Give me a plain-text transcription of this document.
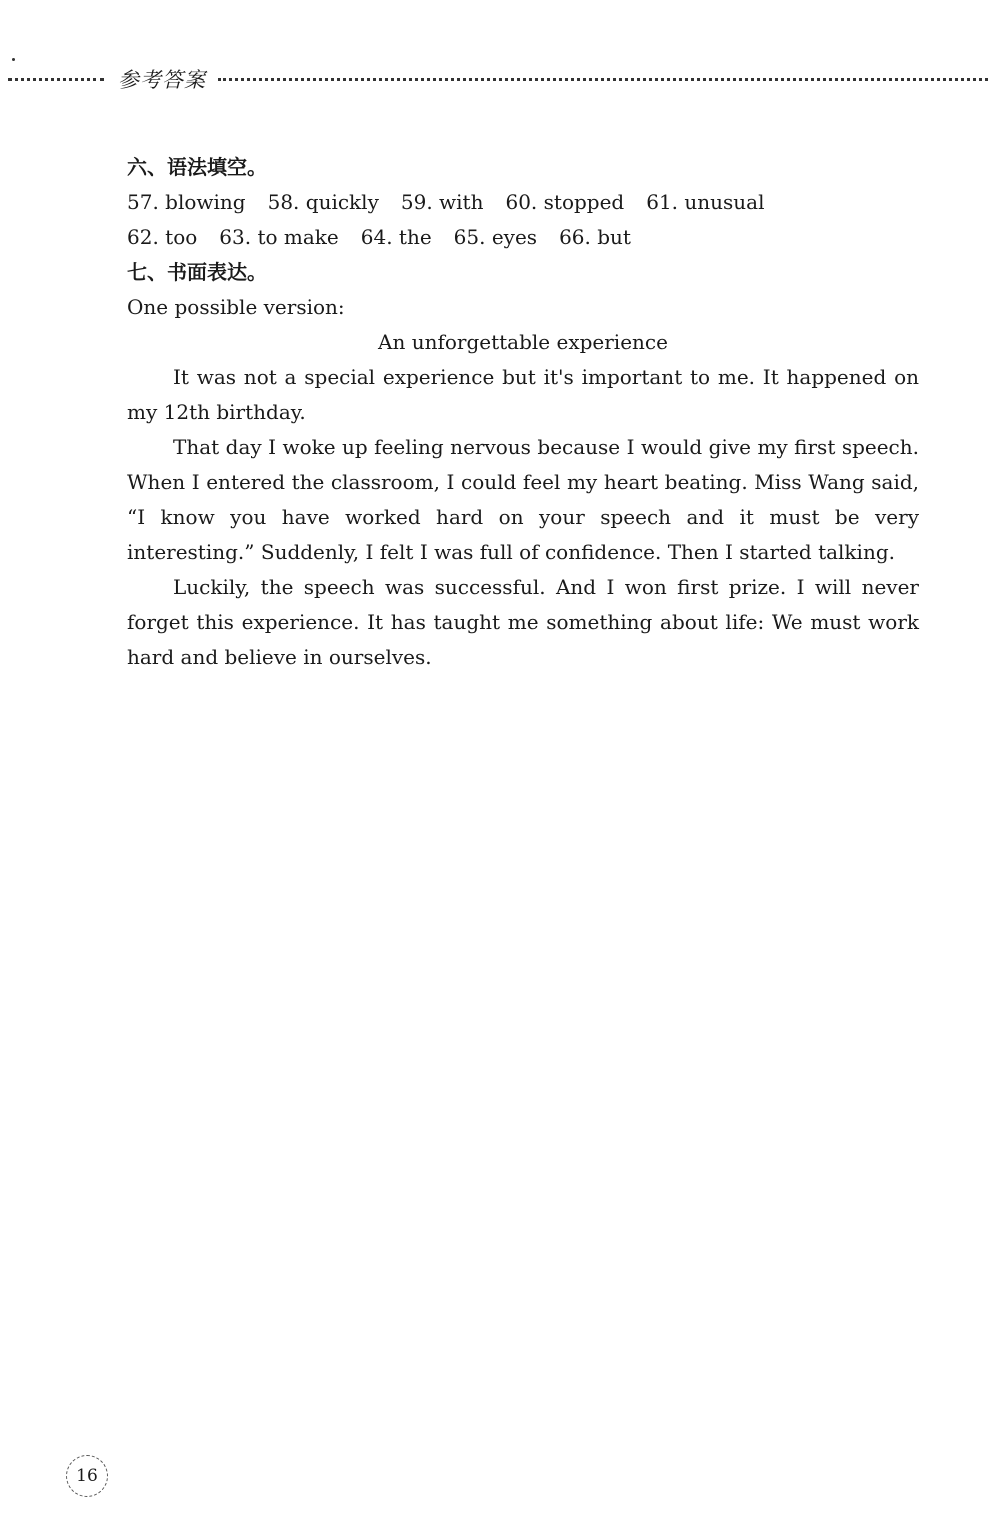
参考答案
六、语法填空。
57. blowing 58. quickly 59. with 60. stopped 61. unusual
62. too 63. to make 64. the 65. eyes 66. but
七、书面表达。

One possible version:

An unforgettable experience

It was not a special experience but it's important to me. It happened on my 12th birthday.

That day I woke up feeling nervous because I would give my first speech. When I entered the classroom, I could feel my heart beating. Miss Wang said, “I know you have worked hard on your speech and it must be very interesting.” Suddenly, I felt I was full of confidence. Then I started talking.

Luckily, the speech was successful. And I won first prize. I will never forget this experience. It has taught me something about life: We must work hard and believe in ourselves.

16
